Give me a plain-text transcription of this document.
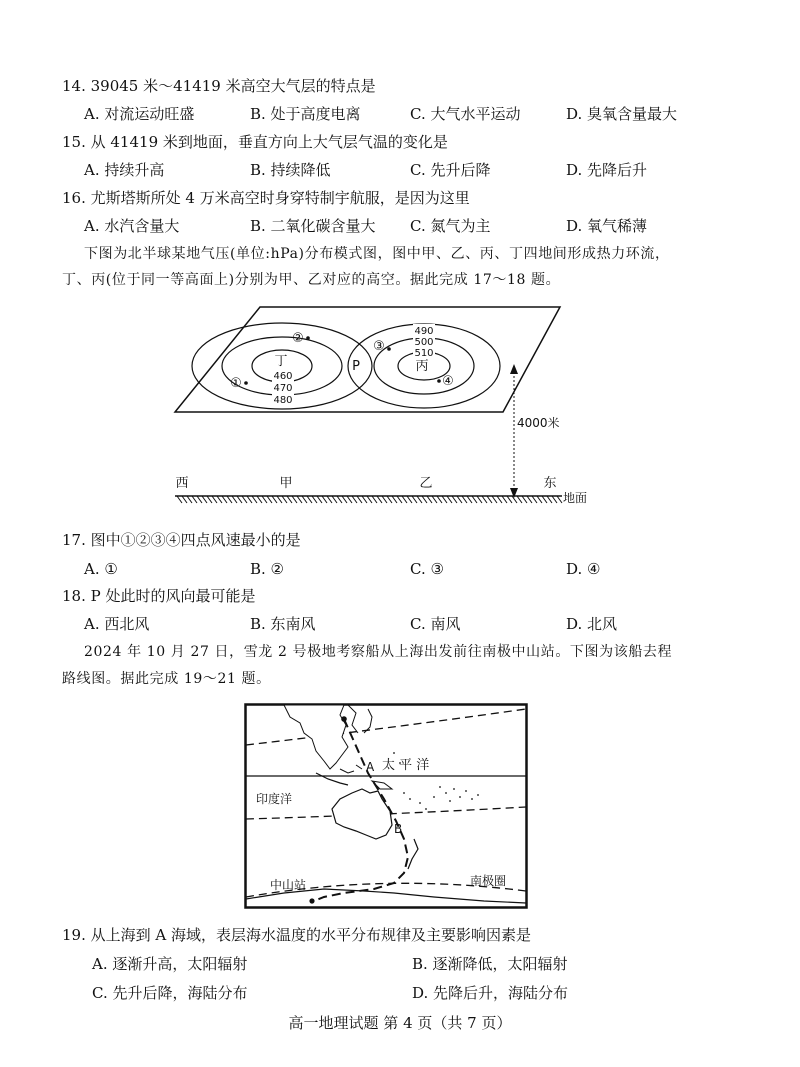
14. 39045 米～41419 米高空大气层的特点是
A. 对流运动旺盛	B. 处于高度电离	C. 大气水平运动	D. 臭氧含量最大
15. 从 41419 米到地面，垂直方向上大气层气温的变化是
A. 持续升高	B. 持续降低	C. 先升后降	D. 先降后升
16. 尤斯塔斯所处 4 万米高空时身穿特制宇航服，是因为这里
A. 水汽含量大	B. 二氧化碳含量大 C. 氮气为主	D. 氧气稀薄
下图为北半球某地气压(单位:hPa)分布模式图，图中甲、乙、丙、丁四地间形成热力环流，
丁、丙(位于同一等高面上)分别为甲、乙对应的高空。据此完成 17～18 题。
460
470
480
丁
490
500
510
丙
P
①
②
③
④
4000米
西	甲	乙	东
地面
17. 图中①②③④四点风速最小的是
A. ①	B. ②	C. ③	D. ④
18. P 处此时的风向最可能是
A. 西北风	B. 东南风	C. 南风	D. 北风
2024 年 10 月 27 日，雪龙 2 号极地考察船从上海出发前往南极中山站。下图为该船去程
路线图。据此完成 19～21 题。
A
B
太 平 洋
印度洋
中山站	南极圈
19. 从上海到 A 海域，表层海水温度的水平分布规律及主要影响因素是
A. 逐渐升高，太阳辐射	B. 逐渐降低，太阳辐射
C. 先升后降，海陆分布	D. 先降后升，海陆分布
高一地理试题 第 4 页（共 7 页）
